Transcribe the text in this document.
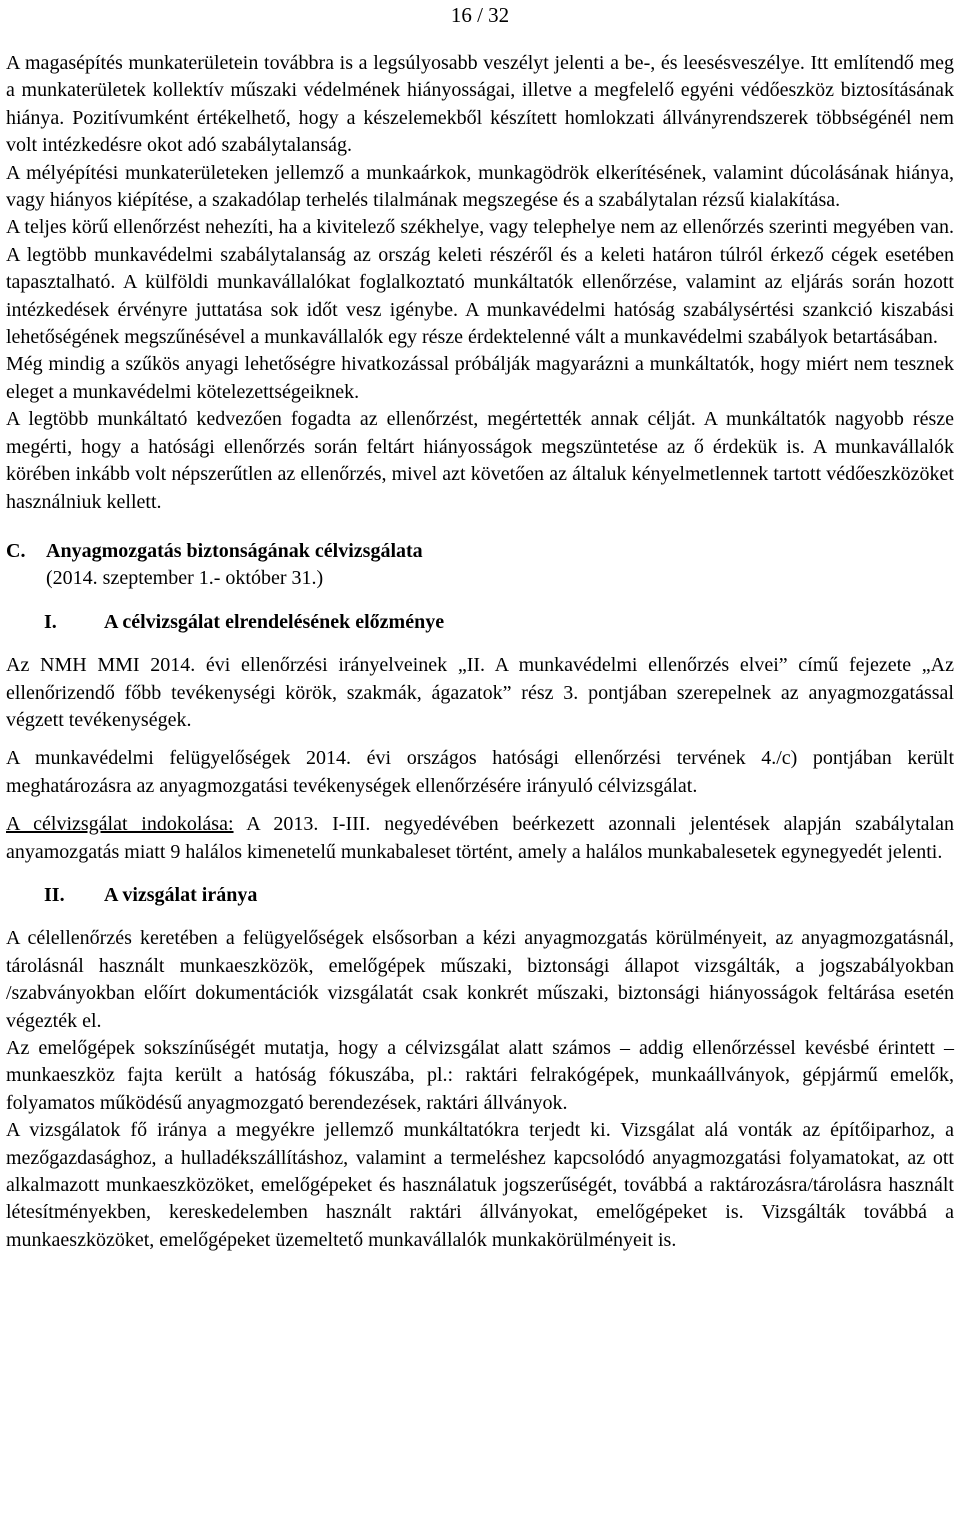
16 / 32

A magasépítés munkaterületein továbbra is a legsúlyosabb veszélyt jelenti a be-, és leesésveszélye. Itt említendő meg a munkaterületek kollektív műszaki védelmének hiányosságai, illetve a megfelelő egyéni védőeszköz biztosításának hiánya. Pozitívumként értékelhető, hogy a készelemekből készített homlokzati állványrendszerek többségénél nem volt intézkedésre okot adó szabálytalanság.

A mélyépítési munkaterületeken jellemző a munkaárkok, munkagödrök elkerítésének, valamint dúcolásának hiánya, vagy hiányos kiépítése, a szakadólap terhelés tilalmának megszegése és a szabálytalan rézsű kialakítása.

A teljes körű ellenőrzést nehezíti, ha a kivitelező székhelye, vagy telephelye nem az ellenőrzés szerinti megyében van. A legtöbb munkavédelmi szabálytalanság az ország keleti részéről és a keleti határon túlról érkező cégek esetében tapasztalható. A külföldi munkavállalókat foglalkoztató munkáltatók ellenőrzése, valamint az eljárás során hozott intézkedések érvényre juttatása sok időt vesz igénybe. A munkavédelmi hatóság szabálysértési szankció kiszabási lehetőségének megszűnésével a munkavállalók egy része érdektelenné vált a munkavédelmi szabályok betartásában.

Még mindig a szűkös anyagi lehetőségre hivatkozással próbálják magyarázni a munkáltatók, hogy miért nem tesznek eleget a munkavédelmi kötelezettségeiknek.

A legtöbb munkáltató kedvezően fogadta az ellenőrzést, megértették annak célját. A munkáltatók nagyobb része megérti, hogy a hatósági ellenőrzés során feltárt hiányosságok megszüntetése az ő érdekük is. A munkavállalók körében inkább volt népszerűtlen az ellenőrzés, mivel azt követően az általuk kényelmetlennek tartott védőeszközöket használniuk kellett.

C.	Anyagmozgatás biztonságának célvizsgálata
(2014. szeptember 1.- október 31.)
I.	A célvizsgálat elrendelésének előzménye

Az NMH MMI 2014. évi ellenőrzési irányelveinek „II. A munkavédelmi ellenőrzés elvei” című fejezete „Az ellenőrizendő főbb tevékenységi körök, szakmák, ágazatok” rész 3. pontjában szerepelnek az anyagmozgatással végzett tevékenységek.

A munkavédelmi felügyelőségek 2014. évi országos hatósági ellenőrzési tervének 4./c) pontjában került meghatározásra az anyagmozgatási tevékenységek ellenőrzésére irányuló célvizsgálat.

A célvizsgálat indokolása: A 2013. I-III. negyedévében beérkezett azonnali jelentések alapján szabálytalan anyamozgatás miatt 9 halálos kimenetelű munkabaleset történt, amely a halálos munkabalesetek egynegyedét jelenti.

II.	A vizsgálat iránya

A célellenőrzés keretében a felügyelőségek elsősorban a kézi anyagmozgatás körülményeit, az anyagmozgatásnál, tárolásnál használt munkaeszközök, emelőgépek műszaki, biztonsági állapot vizsgálták, a jogszabályokban /szabványokban előírt dokumentációk vizsgálatát csak konkrét műszaki, biztonsági hiányosságok feltárása esetén végezték el.

Az emelőgépek sokszínűségét mutatja, hogy a célvizsgálat alatt számos – addig ellenőrzéssel kevésbé érintett – munkaeszköz fajta került a hatóság fókuszába, pl.: raktári felrakógépek, munkaállványok, gépjármű emelők, folyamatos működésű anyagmozgató berendezések, raktári állványok.

A vizsgálatok fő iránya a megyékre jellemző munkáltatókra terjedt ki. Vizsgálat alá vonták az építőiparhoz, a mezőgazdasághoz, a hulladékszállításhoz, valamint a termeléshez kapcsolódó anyagmozgatási folyamatokat, az ott alkalmazott munkaeszközöket, emelőgépeket és használatuk jogszerűségét, továbbá a raktározásra/tárolásra használt létesítményekben, kereskedelemben használt raktári állványokat, emelőgépeket is. Vizsgálták továbbá a munkaeszközöket, emelőgépeket üzemeltető munkavállalók munkakörülményeit is.
